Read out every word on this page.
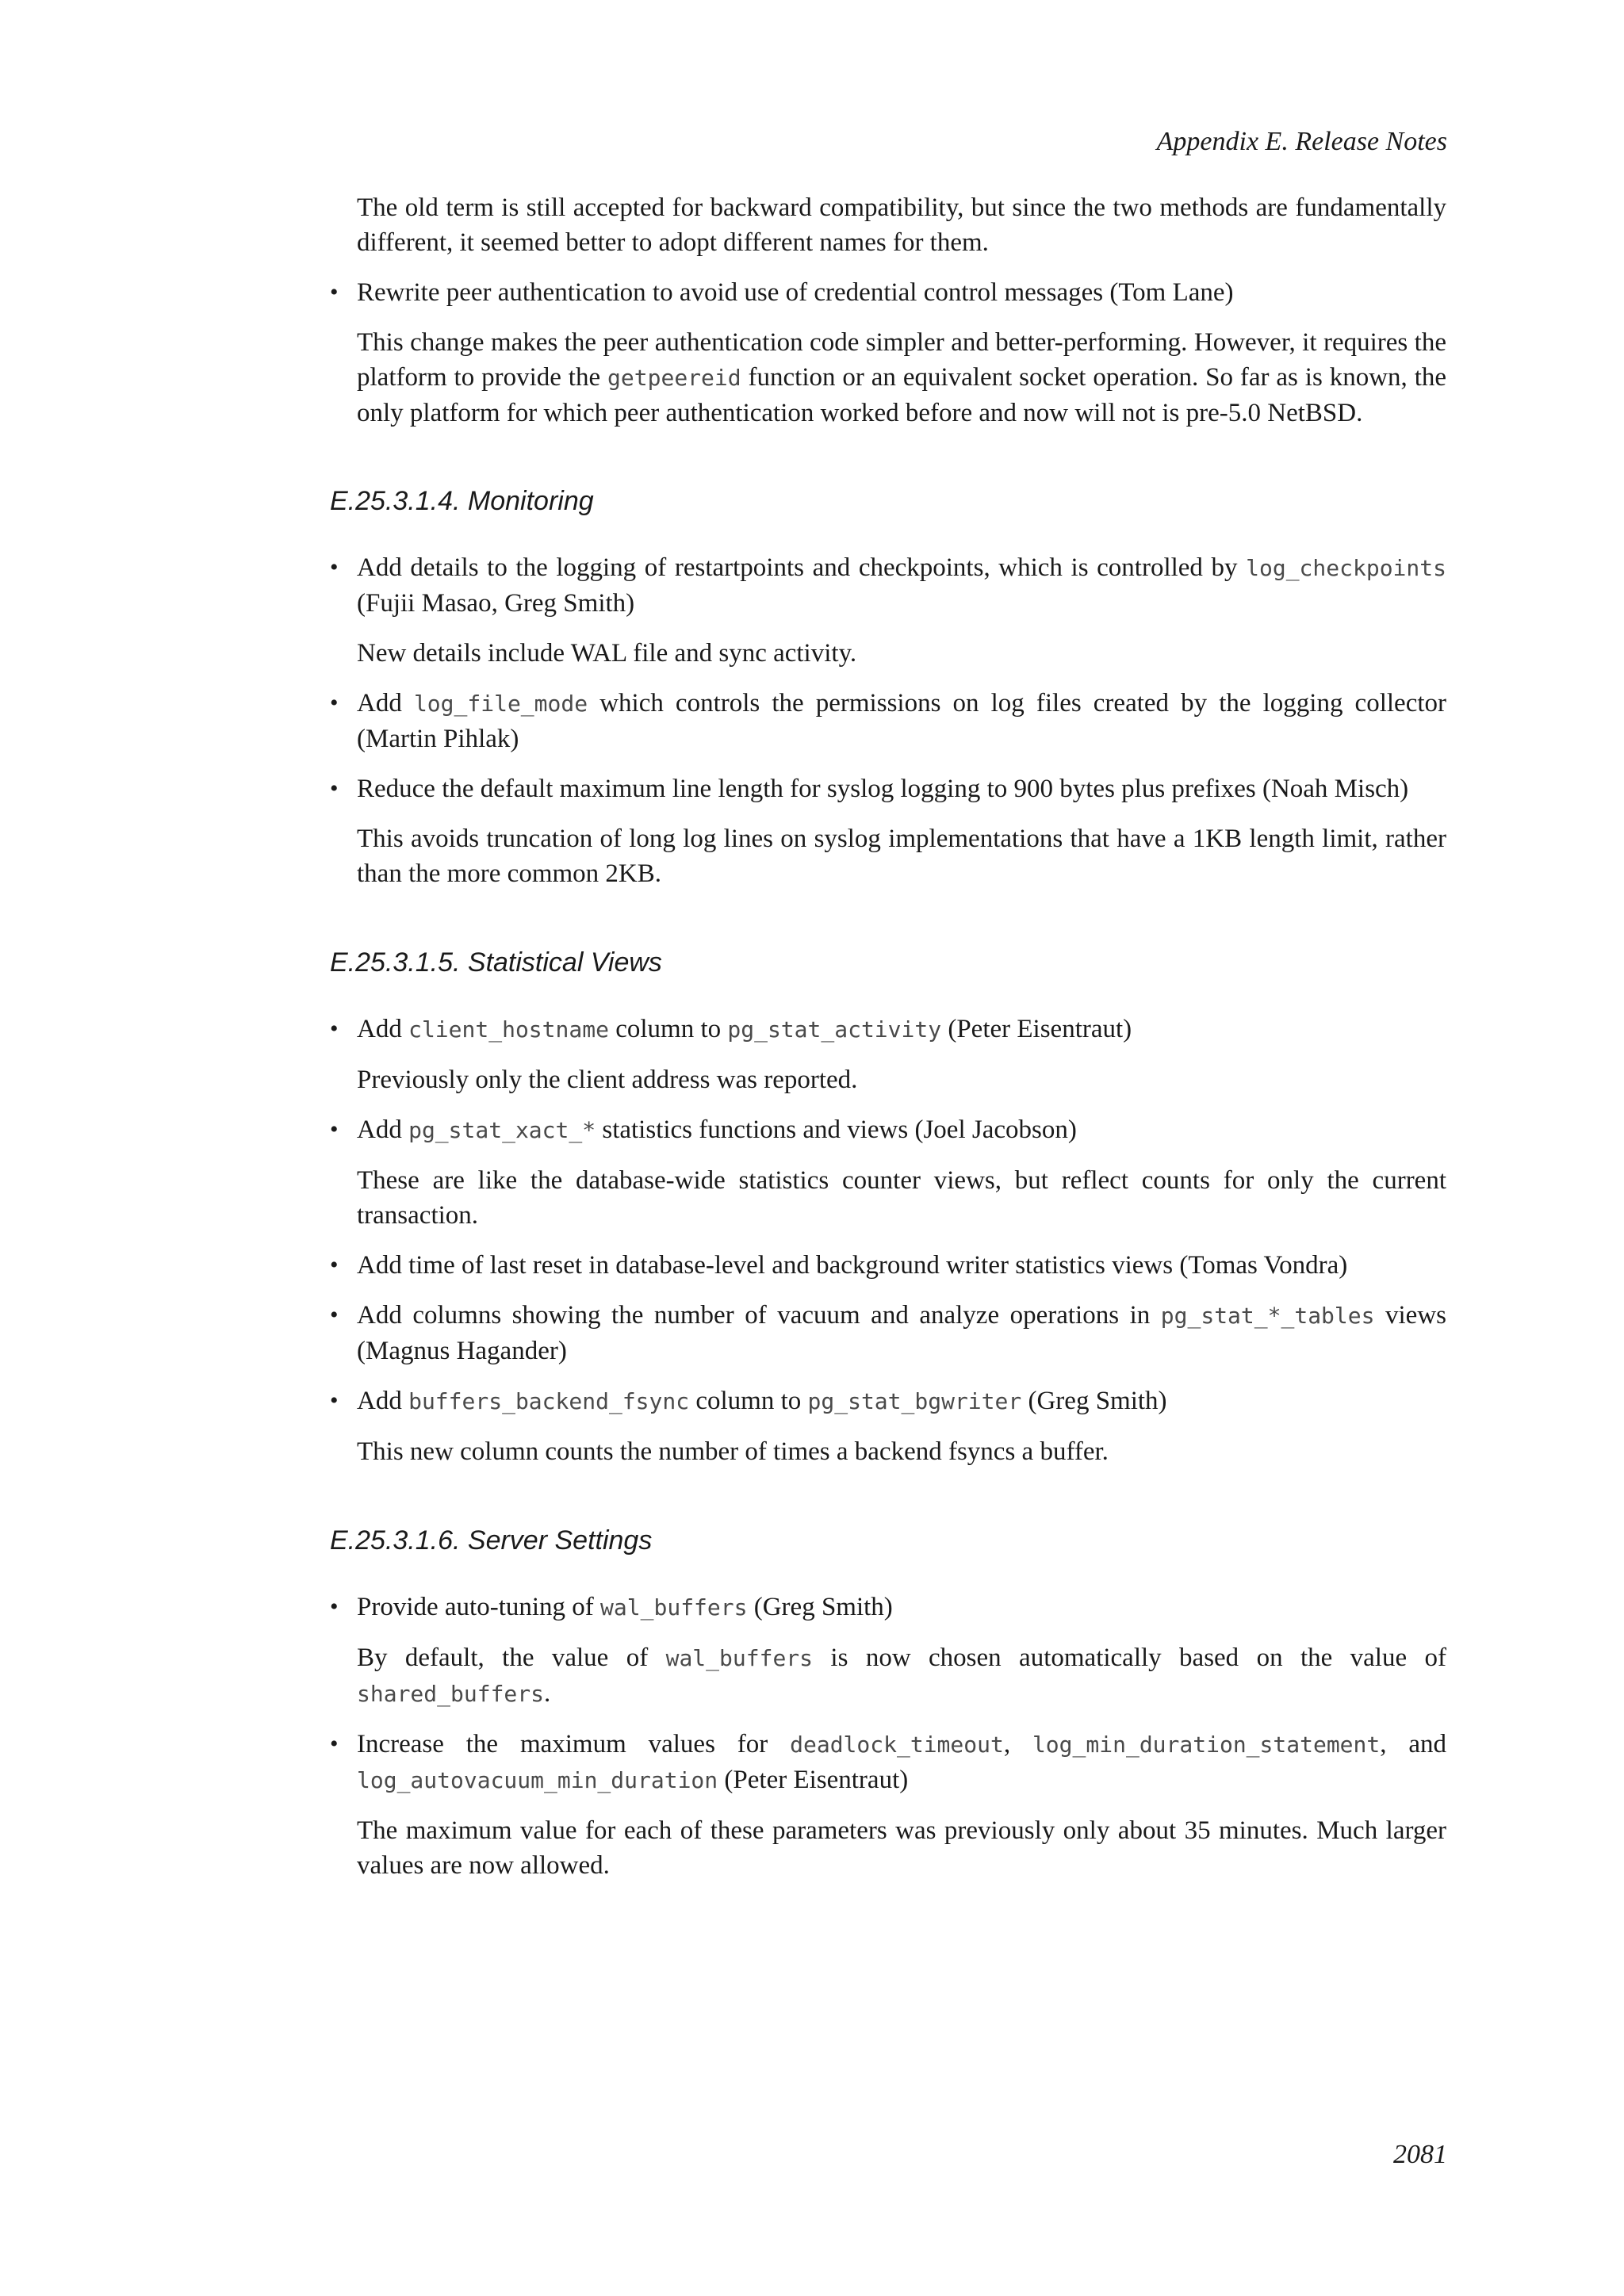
Appendix E. Release Notes

The old term is still accepted for backward compatibility, but since the two methods are fundamentally different, it seemed better to adopt different names for them.

• Rewrite peer authentication to avoid use of credential control messages (Tom Lane)

This change makes the peer authentication code simpler and better-performing. However, it requires the platform to provide the getpeereid function or an equivalent socket operation. So far as is known, the only platform for which peer authentication worked before and now will not is pre-5.0 NetBSD.

E.25.3.1.4. Monitoring
• Add details to the logging of restartpoints and checkpoints, which is controlled by log_checkpoints (Fujii Masao, Greg Smith)

New details include WAL file and sync activity.

• Add log_file_mode which controls the permissions on log files created by the logging collector (Martin Pihlak)

• Reduce the default maximum line length for syslog logging to 900 bytes plus prefixes (Noah Misch)

This avoids truncation of long log lines on syslog implementations that have a 1KB length limit, rather than the more common 2KB.

E.25.3.1.5. Statistical Views
• Add client_hostname column to pg_stat_activity (Peter Eisentraut)

Previously only the client address was reported.

• Add pg_stat_xact_* statistics functions and views (Joel Jacobson)

These are like the database-wide statistics counter views, but reflect counts for only the current transaction.

• Add time of last reset in database-level and background writer statistics views (Tomas Vondra)

• Add columns showing the number of vacuum and analyze operations in pg_stat_*_tables views (Magnus Hagander)

• Add buffers_backend_fsync column to pg_stat_bgwriter (Greg Smith)

This new column counts the number of times a backend fsyncs a buffer.

E.25.3.1.6. Server Settings
• Provide auto-tuning of wal_buffers (Greg Smith)

By default, the value of wal_buffers is now chosen automatically based on the value of shared_buffers.

• Increase the maximum values for deadlock_timeout, log_min_duration_statement, and log_autovacuum_min_duration (Peter Eisentraut)

The maximum value for each of these parameters was previously only about 35 minutes. Much larger values are now allowed.

2081
